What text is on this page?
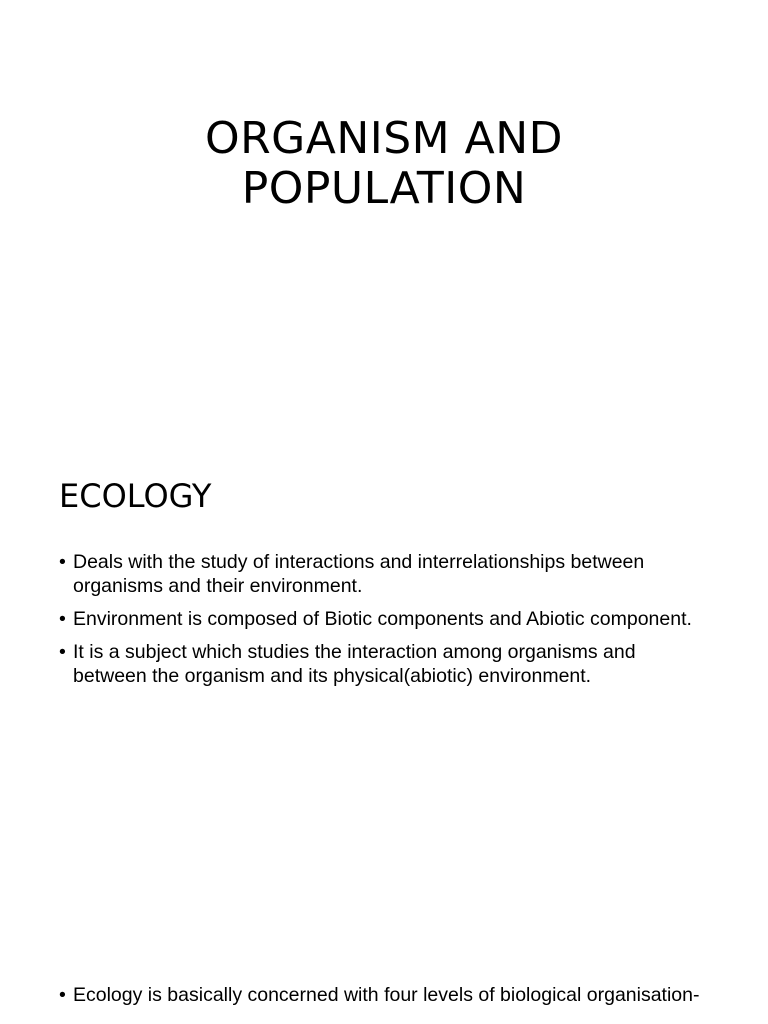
ORGANISM AND
POPULATION
ECOLOGY
• Deals with the study of interactions and interrelationships between organisms and their environment.
• Environment is composed of Biotic components and Abiotic component.
• It is a subject which studies the interaction among organisms and between the organism and its physical(abiotic) environment.
• Ecology is basically concerned with four levels of biological organisation-
